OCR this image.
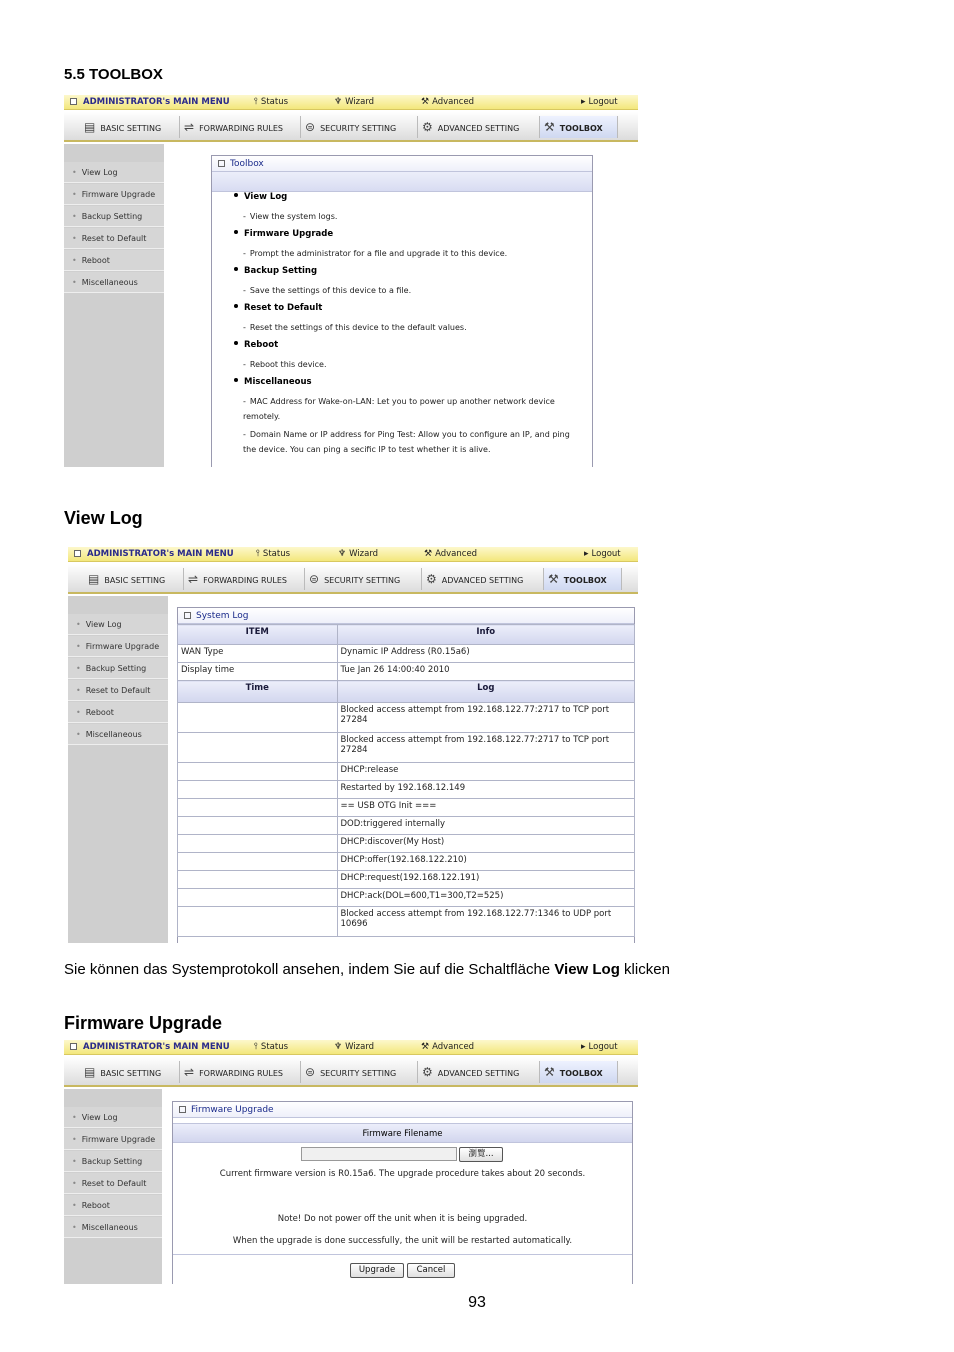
5.5 TOOLBOX
View Log
Firmware Upgrade
Sie können das Systemprotokoll ansehen, indem Sie auf die Schaltfläche View Log klicken
93
ADMINISTRATOR's MAIN MENU	⫯ Status	♆ Wizard	⚒ Advanced	▸ Logout
▤ BASIC SETTING	⇌ FORWARDING RULES	⊜ SECURITY SETTING	⚙ ADVANCED SETTING	⚒ TOOLBOX
• View Log
• Firmware Upgrade
• Backup Setting
• Reset to Default
• Reboot
• Miscellaneous
Toolbox
View Log
- View the system logs.
Firmware Upgrade
- Prompt the administrator for a file and upgrade it to this device.
Backup Setting
- Save the settings of this device to a file.
Reset to Default
- Reset the settings of this device to the default values.
Reboot
- Reboot this device.
Miscellaneous
- MAC Address for Wake-on-LAN: Let you to power up another network device remotely.
- Domain Name or IP address for Ping Test: Allow you to configure an IP, and ping the device. You can ping a secific IP to test whether it is alive.
ADMINISTRATOR's MAIN MENU ⫯ Status	♆ Wizard	⚒ Advanced	▸ Logout
▤ BASIC SETTING	⇌ FORWARDING RULES	⊜ SECURITY SETTING	⚙ ADVANCED SETTING	⚒ TOOLBOX
• View Log
• Firmware Upgrade
• Backup Setting
• Reset to Default
• Reboot
• Miscellaneous
System Log
ITEM	Info
WAN Type	Dynamic IP Address (R0.15a6)
Display time	Tue Jan 26 14:00:40 2010
Time	Log
	Blocked access attempt from 192.168.122.77:2717 to TCP port 27284
	Blocked access attempt from 192.168.122.77:2717 to TCP port 27284
	DHCP:release
	Restarted by 192.168.12.149
	== USB OTG Init ===
	DOD:triggered internally
	DHCP:discover(My Host)
	DHCP:offer(192.168.122.210)
	DHCP:request(192.168.122.191)
	DHCP:ack(DOL=600,T1=300,T2=525)
	Blocked access attempt from 192.168.122.77:1346 to UDP port 10696
ADMINISTRATOR's MAIN MENU	⫯ Status	♆ Wizard	⚒ Advanced	▸ Logout
▤ BASIC SETTING	⇌ FORWARDING RULES	⊜ SECURITY SETTING	⚙ ADVANCED SETTING	⚒ TOOLBOX
• View Log
• Firmware Upgrade
• Backup Setting
• Reset to Default
• Reboot
• Miscellaneous
Firmware Upgrade
Firmware Filename
瀏覽...
Current firmware version is R0.15a6. The upgrade procedure takes about 20 seconds.
Note! Do not power off the unit when it is being upgraded.
When the upgrade is done successfully, the unit will be restarted automatically.
Upgrade	Cancel
